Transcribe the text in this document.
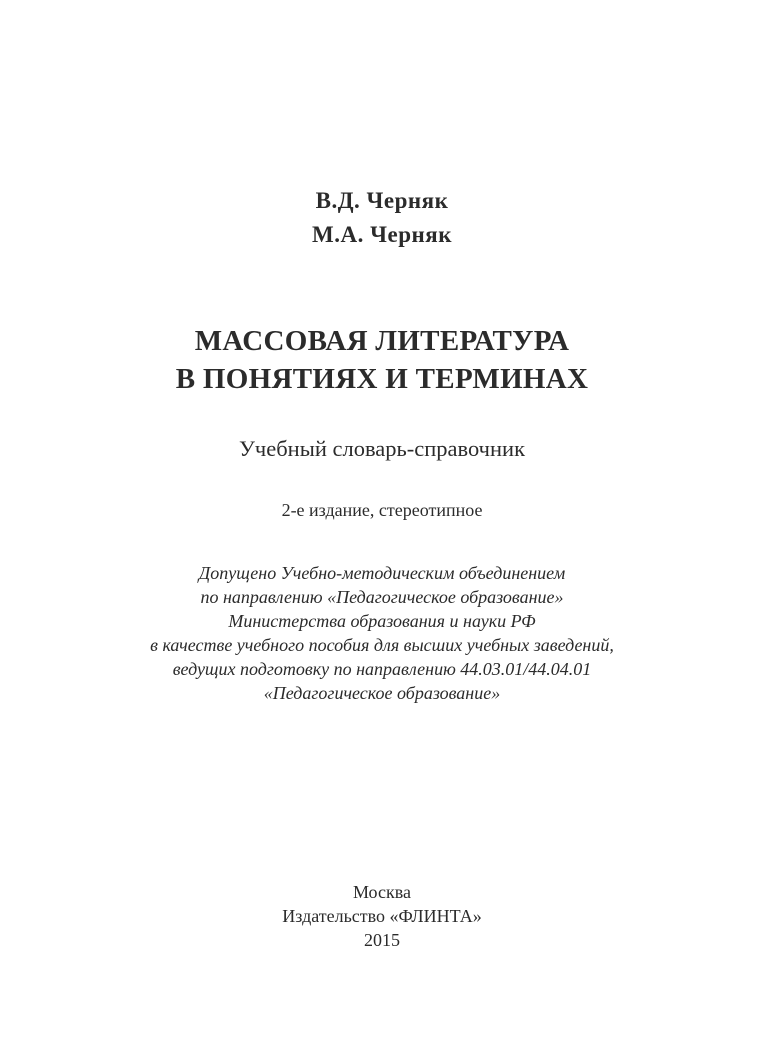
В.Д. Черняк
М.А. Черняк
МАССОВАЯ ЛИТЕРАТУРА
В ПОНЯТИЯХ И ТЕРМИНАХ
Учебный словарь-справочник
2-е издание, стереотипное
Допущено Учебно-методическим объединением
по направлению «Педагогическое образование»
Министерства образования и науки РФ
в качестве учебного пособия для высших учебных заведений,
ведущих подготовку по направлению 44.03.01/44.04.01
«Педагогическое образование»
Москва
Издательство «ФЛИНТА»
2015
